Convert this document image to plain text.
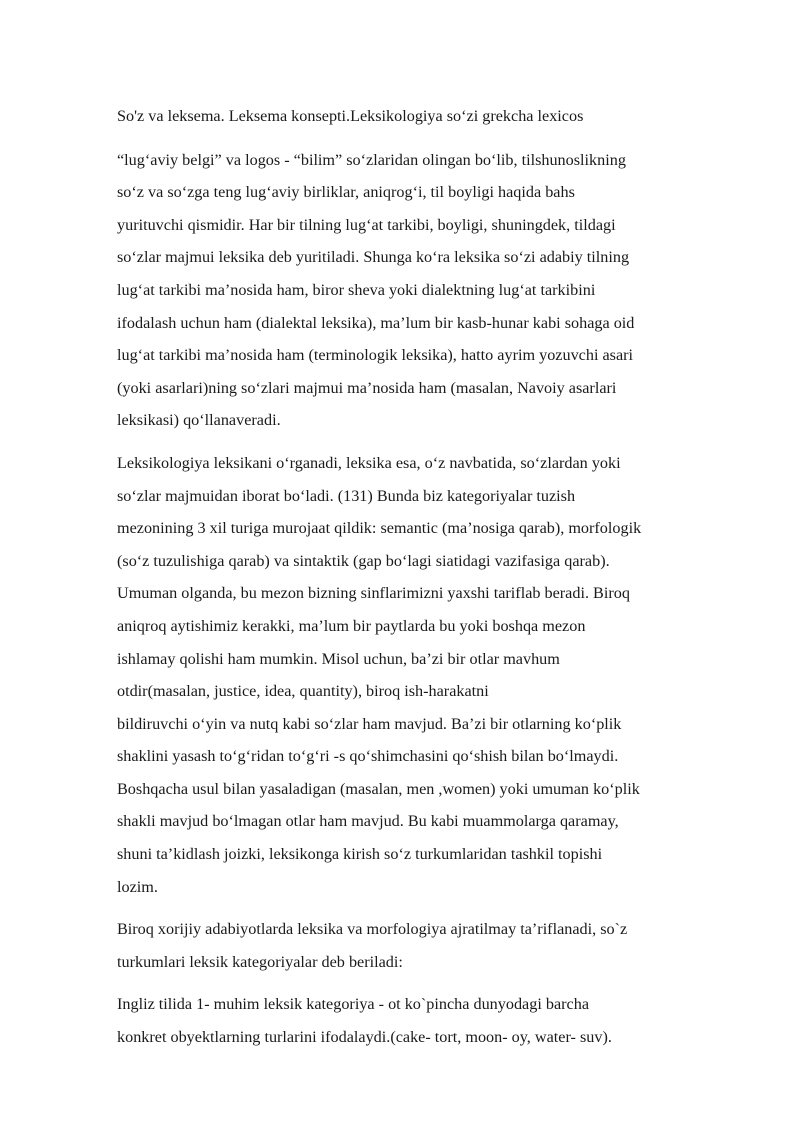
So'z va leksema. Leksema konsepti.Leksikologiya so‘zi grekcha lexicos

“lug‘aviy belgi” va logos - “bilim” so‘zlaridan olingan bo‘lib, tilshunoslikning
so‘z va so‘zga teng lug‘aviy birliklar, aniqrog‘i, til boyligi haqida bahs
yurituvchi qismidir. Har bir tilning lug‘at tarkibi, boyligi, shuningdek, tildagi
so‘zlar majmui leksika deb yuritiladi. Shunga ko‘ra leksika so‘zi adabiy tilning
lug‘at tarkibi ma’nosida ham, biror sheva yoki dialektning lug‘at tarkibini
ifodalash uchun ham (dialektal leksika), ma’lum bir kasb-hunar kabi sohaga oid
lug‘at tarkibi ma’nosida ham (terminologik leksika), hatto ayrim yozuvchi asari
(yoki asarlari)ning so‘zlari majmui ma’nosida ham (masalan, Navoiy asarlari
leksikasi) qo‘llanaveradi.

Leksikologiya leksikani o‘rganadi, leksika esa, o‘z navbatida, so‘zlardan yoki
so‘zlar majmuidan iborat bo‘ladi. (131) Bunda biz kategoriyalar tuzish
mezonining 3 xil turiga murojaat qildik: semantic (ma’nosiga qarab), morfologik
(so‘z tuzulishiga qarab) va sintaktik (gap bo‘lagi siatidagi vazifasiga qarab).
Umuman olganda, bu mezon bizning sinflarimizni yaxshi tariflab beradi. Biroq
aniqroq aytishimiz kerakki, ma’lum bir paytlarda bu yoki boshqa mezon
ishlamay qolishi ham mumkin. Misol uchun, ba’zi bir otlar mavhum
otdir(masalan, justice, idea, quantity), biroq ish-harakatni
bildiruvchi o‘yin va nutq kabi so‘zlar ham mavjud. Ba’zi bir otlarning ko‘plik
shaklini yasash to‘g‘ridan to‘g‘ri -s qo‘shimchasini qo‘shish bilan bo‘lmaydi.
Boshqacha usul bilan yasaladigan (masalan, men ,women) yoki umuman ko‘plik
shakli mavjud bo‘lmagan otlar ham mavjud. Bu kabi muammolarga qaramay,
shuni ta’kidlash joizki, leksikonga kirish so‘z turkumlaridan tashkil topishi
lozim.

Biroq xorijiy adabiyotlarda leksika va morfologiya ajratilmay ta’riflanadi, so`z
turkumlari leksik kategoriyalar deb beriladi:

Ingliz tilida 1- muhim leksik kategoriya - ot ko`pincha dunyodagi barcha
konkret obyektlarning turlarini ifodalaydi.(cake- tort, moon- oy, water- suv).
